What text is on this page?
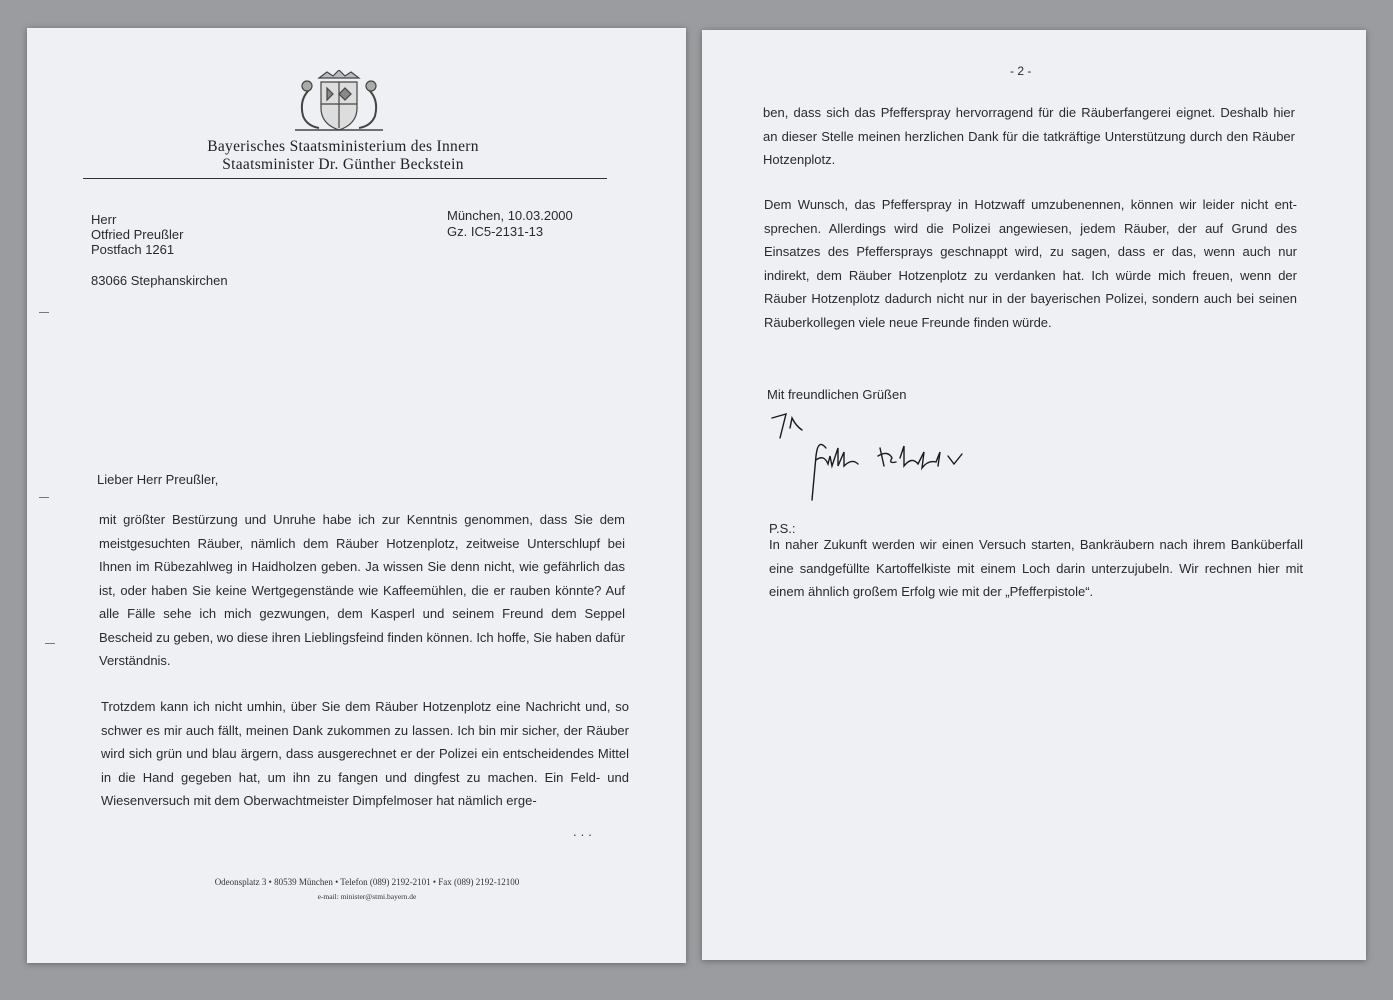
Bayerisches Staatsministerium des Innern
Staatsminister Dr. Günther Beckstein
Herr
Otfried Preußler
Postfach 1261
83066 Stephanskirchen
München, 10.03.2000
Gz. IC5-2131-13
Lieber Herr Preußler,

mit größter Bestürzung und Unruhe habe ich zur Kenntnis genommen, dass Sie dem meistgesuchten Räuber, nämlich dem Räuber Hotzenplotz, zeitweise Unterschlupf bei Ihnen im Rübezahlweg in Haidholzen geben. Ja wissen Sie denn nicht, wie gefährlich das ist, oder haben Sie keine Wertgegenstände wie Kaffeemühlen, die er rauben könnte? Auf alle Fälle sehe ich mich gezwungen, dem Kasperl und seinem Freund dem Seppel Bescheid zu geben, wo diese ihren Lieblingsfeind finden können. Ich hoffe, Sie haben dafür Verständnis.

Trotzdem kann ich nicht umhin, über Sie dem Räuber Hotzenplotz eine Nachricht und, so schwer es mir auch fällt, meinen Dank zukommen zu lassen. Ich bin mir sicher, der Räuber wird sich grün und blau ärgern, dass ausgerechnet er der Polizei ein entscheidendes Mittel in die Hand gegeben hat, um ihn zu fangen und dingfest zu machen. Ein Feld- und Wiesenversuch mit dem Oberwachtmeister Dimpfelmoser hat nämlich erge-

...
Odeonsplatz 3 • 80539 München • Telefon (089) 2192-2101 • Fax (089) 2192-12100
e-mail: minister@stmi.bayern.de
- 2 -

ben, dass sich das Pfefferspray hervorragend für die Räuberfangerei eignet. Deshalb hier an dieser Stelle meinen herzlichen Dank für die tatkräftige Unterstützung durch den Räuber Hotzenplotz.

Dem Wunsch, das Pfefferspray in Hotzwaff umzubenennen, können wir leider nicht entsprechen. Allerdings wird die Polizei angewiesen, jedem Räuber, der auf Grund des Einsatzes des Pfeffersprays geschnappt wird, zu sagen, dass er das, wenn auch nur indirekt, dem Räuber Hotzenplotz zu verdanken hat. Ich würde mich freuen, wenn der Räuber Hotzenplotz dadurch nicht nur in der bayerischen Polizei, sondern auch bei seinen Räuberkollegen viele neue Freunde finden würde.

Mit freundlichen Grüßen
P.S.:

In naher Zukunft werden wir einen Versuch starten, Bankräubern nach ihrem Banküberfall eine sandgefüllte Kartoffelkiste mit einem Loch darin unterzujubeln. Wir rechnen hier mit einem ähnlich großem Erfolg wie mit der „Pfefferpistole“.
